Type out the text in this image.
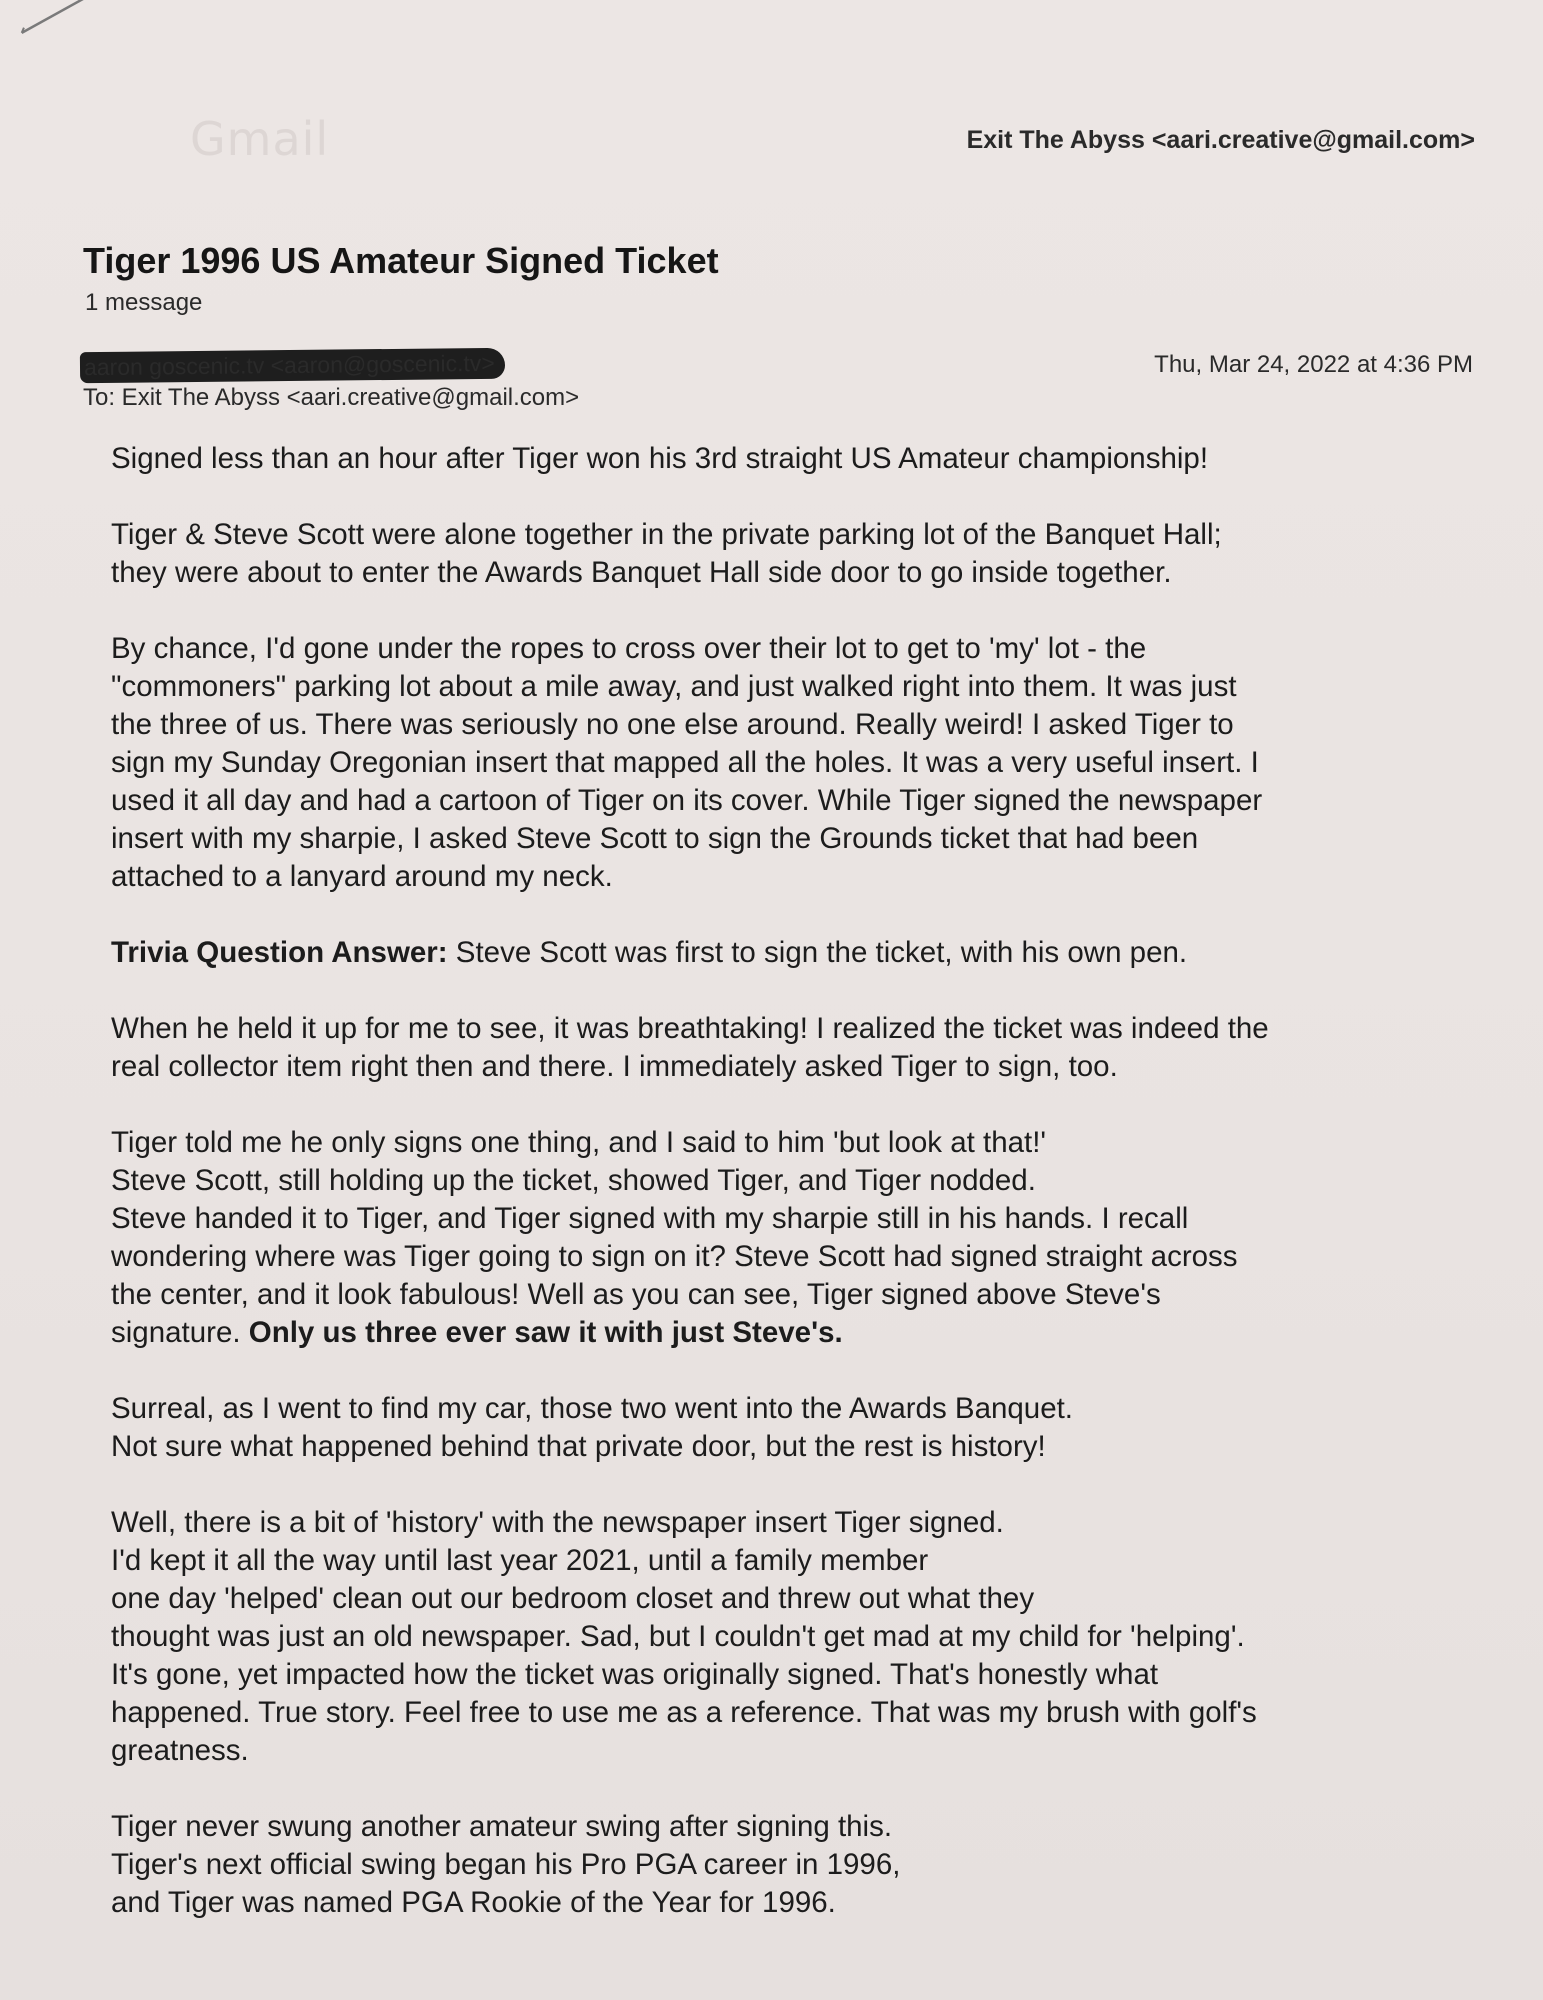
Gmail	Exit The Abyss <aari.creative@gmail.com>
Tiger 1996 US Amateur Signed Ticket
1 message
aaron goscenic.tv <aaron@goscenic.tv>	Thu, Mar 24, 2022 at 4:36 PM
To: Exit The Abyss <aari.creative@gmail.com>

Signed less than an hour after Tiger won his 3rd straight US Amateur championship!

Tiger & Steve Scott were alone together in the private parking lot of the Banquet Hall;
they were about to enter the Awards Banquet Hall side door to go inside together.

By chance, I'd gone under the ropes to cross over their lot to get to 'my' lot - the
"commoners" parking lot about a mile away, and just walked right into them. It was just
the three of us. There was seriously no one else around. Really weird! I asked Tiger to
sign my Sunday Oregonian insert that mapped all the holes. It was a very useful insert. I
used it all day and had a cartoon of Tiger on its cover. While Tiger signed the newspaper
insert with my sharpie, I asked Steve Scott to sign the Grounds ticket that had been
attached to a lanyard around my neck.

Trivia Question Answer: Steve Scott was first to sign the ticket, with his own pen.

When he held it up for me to see, it was breathtaking! I realized the ticket was indeed the
real collector item right then and there. I immediately asked Tiger to sign, too.

Tiger told me he only signs one thing, and I said to him 'but look at that!'
Steve Scott, still holding up the ticket, showed Tiger, and Tiger nodded.
Steve handed it to Tiger, and Tiger signed with my sharpie still in his hands. I recall
wondering where was Tiger going to sign on it? Steve Scott had signed straight across
the center, and it look fabulous! Well as you can see, Tiger signed above Steve's
signature. Only us three ever saw it with just Steve's.

Surreal, as I went to find my car, those two went into the Awards Banquet.
Not sure what happened behind that private door, but the rest is history!

Well, there is a bit of 'history' with the newspaper insert Tiger signed.
I'd kept it all the way until last year 2021, until a family member
one day 'helped' clean out our bedroom closet and threw out what they
thought was just an old newspaper. Sad, but I couldn't get mad at my child for 'helping'.
It's gone, yet impacted how the ticket was originally signed. That's honestly what
happened. True story. Feel free to use me as a reference. That was my brush with golf's
greatness.

Tiger never swung another amateur swing after signing this.
Tiger's next official swing began his Pro PGA career in 1996,
and Tiger was named PGA Rookie of the Year for 1996.
